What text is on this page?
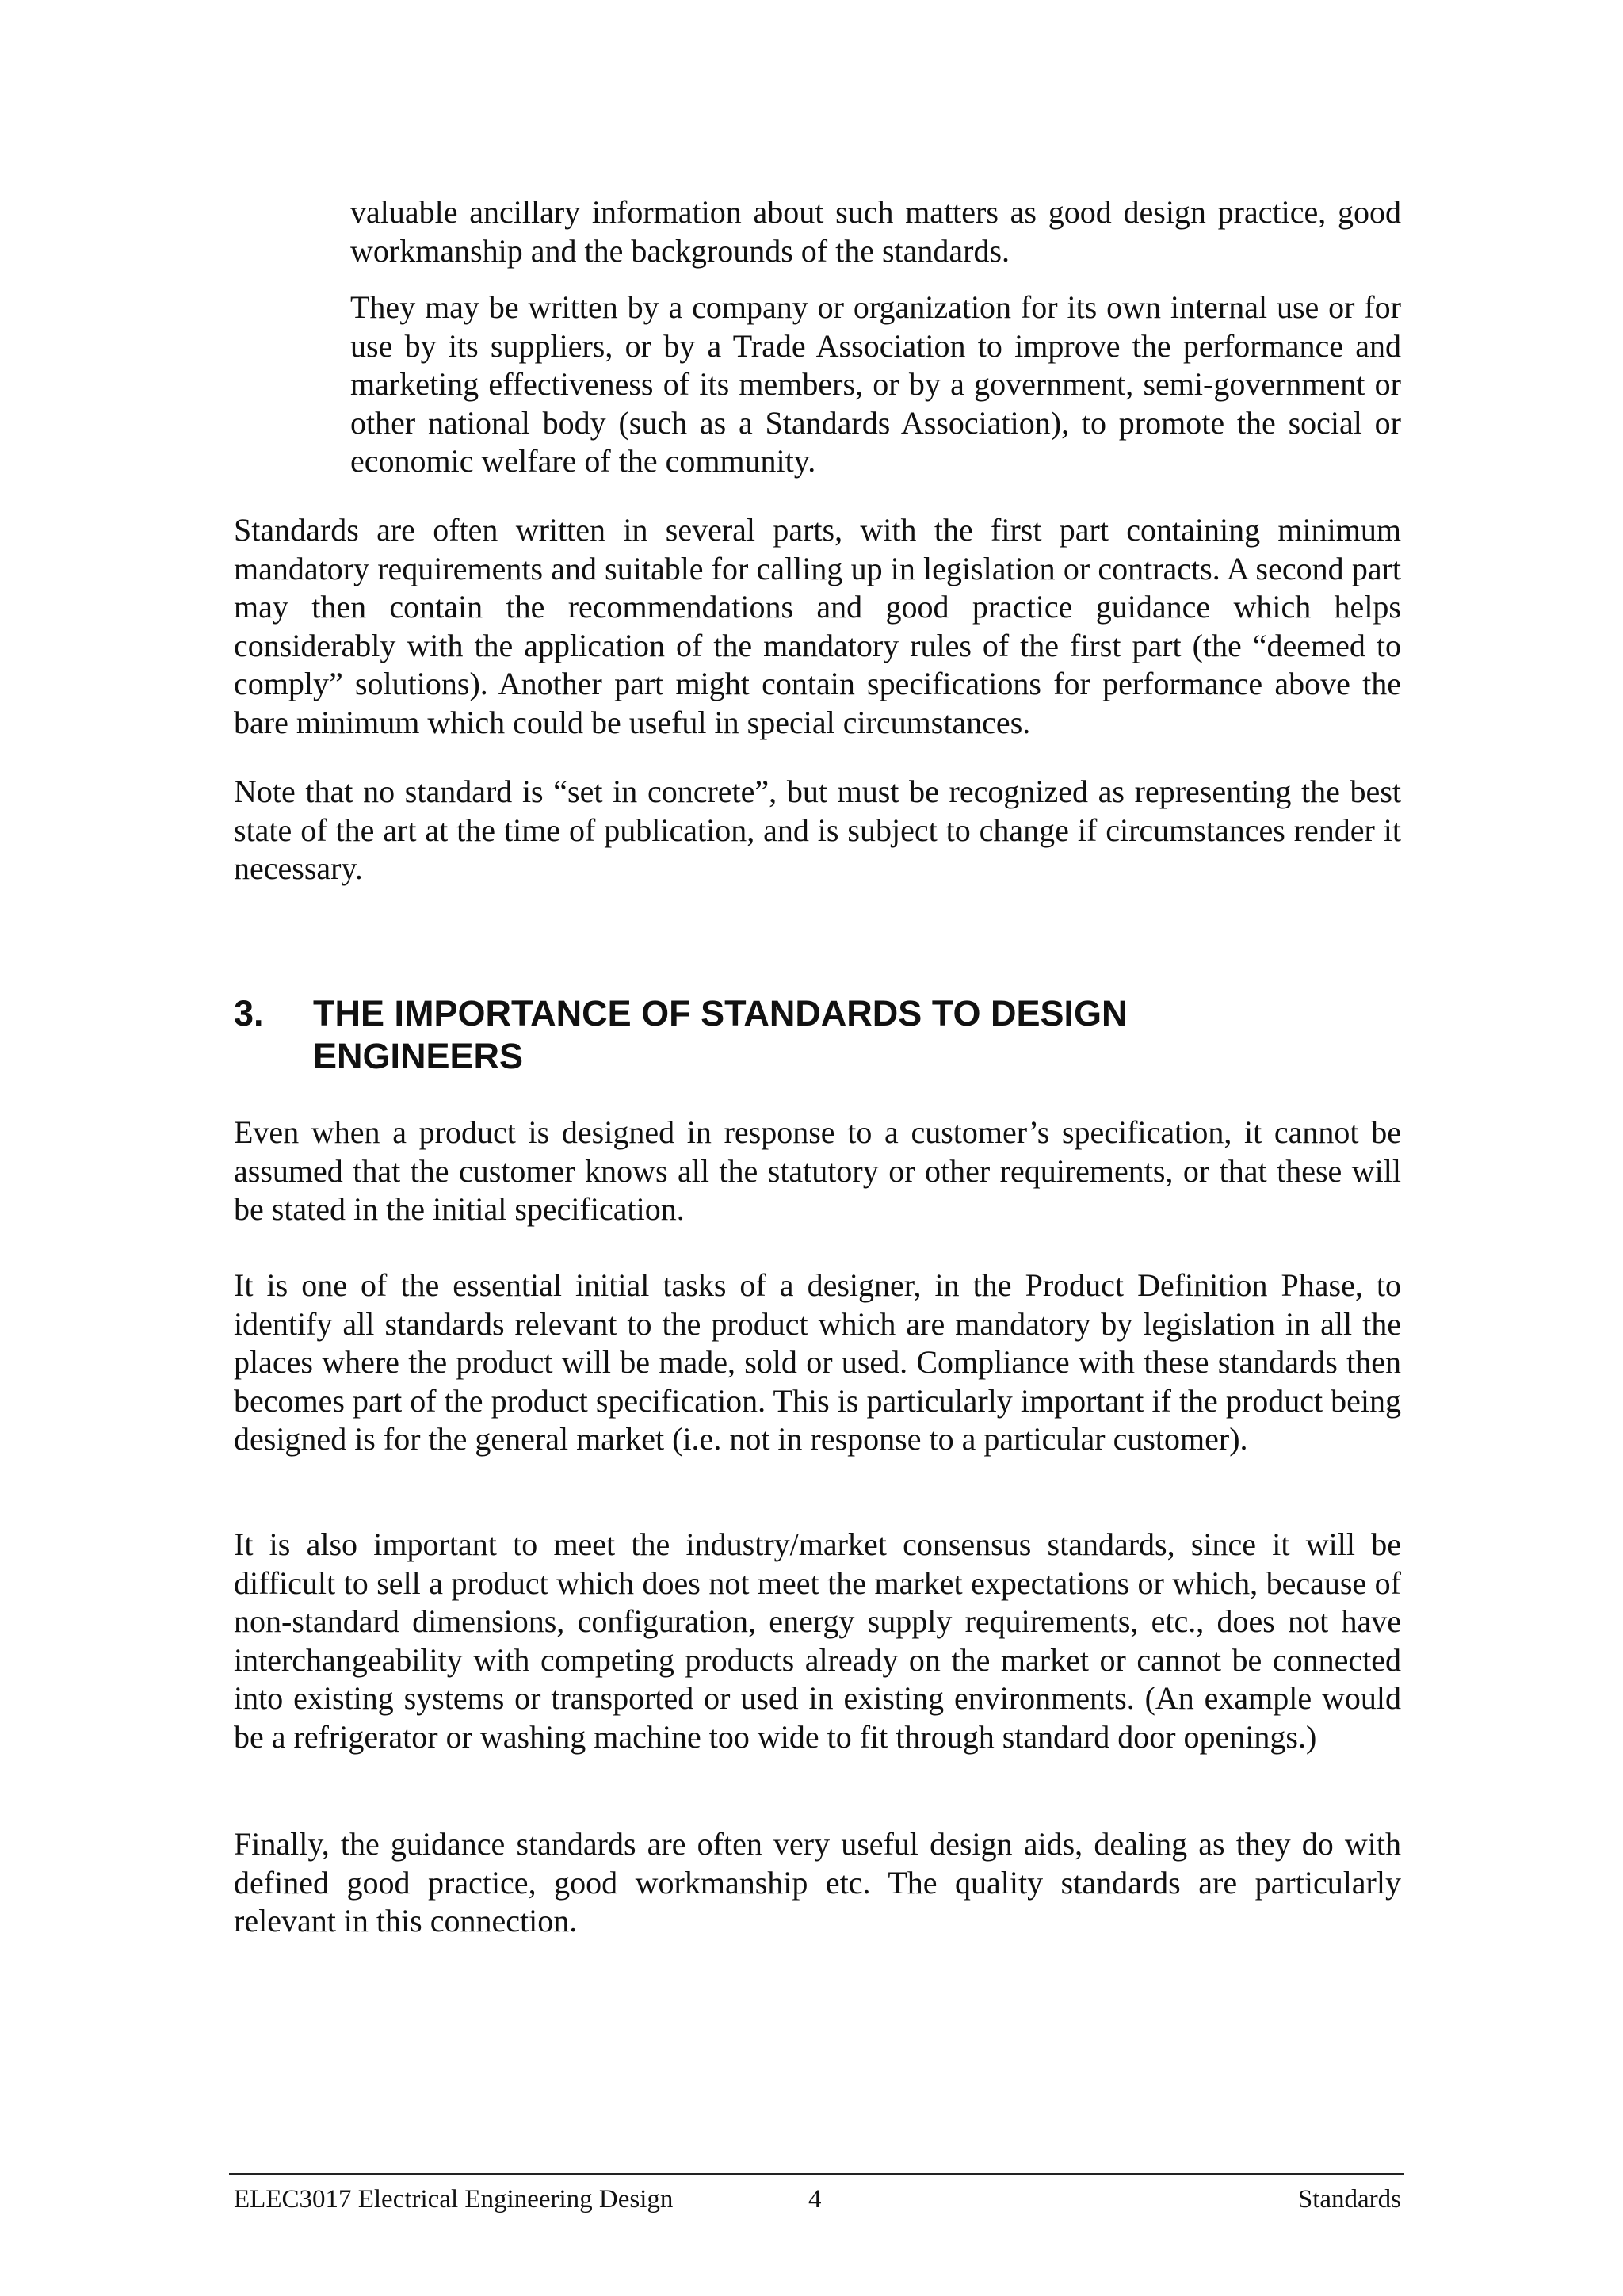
valuable ancillary information about such matters as good design practice, good workmanship and the backgrounds of the standards.

They may be written by a company or organization for its own internal use or for use by its suppliers, or by a Trade Association to improve the performance and marketing effectiveness of its members, or by a government, semi-government or other national body (such as a Standards Association), to promote the social or economic welfare of the community.

Standards are often written in several parts, with the first part containing minimum mandatory requirements and suitable for calling up in legislation or contracts. A second part may then contain the recommendations and good practice guidance which helps considerably with the application of the mandatory rules of the first part (the “deemed to comply” solutions). Another part might contain specifications for performance above the bare minimum which could be useful in special circumstances.

Note that no standard is “set in concrete”, but must be recognized as representing the best state of the art at the time of publication, and is subject to change if circumstances render it necessary.

3. THE IMPORTANCE OF STANDARDS TO DESIGN ENGINEERS

Even when a product is designed in response to a customer’s specification, it cannot be assumed that the customer knows all the statutory or other requirements, or that these will be stated in the initial specification.

It is one of the essential initial tasks of a designer, in the Product Definition Phase, to identify all standards relevant to the product which are mandatory by legislation in all the places where the product will be made, sold or used. Compliance with these standards then becomes part of the product specification. This is particularly important if the product being designed is for the general market (i.e. not in response to a particular customer).

It is also important to meet the industry/market consensus standards, since it will be difficult to sell a product which does not meet the market expectations or which, because of non-standard dimensions, configuration, energy supply requirements, etc., does not have interchangeability with competing products already on the market or cannot be connected into existing systems or transported or used in existing environments. (An example would be a refrigerator or washing machine too wide to fit through standard door openings.)

Finally, the guidance standards are often very useful design aids, dealing as they do with defined good practice, good workmanship etc. The quality standards are particularly relevant in this connection.

ELEC3017 Electrical Engineering Design	4	Standards
